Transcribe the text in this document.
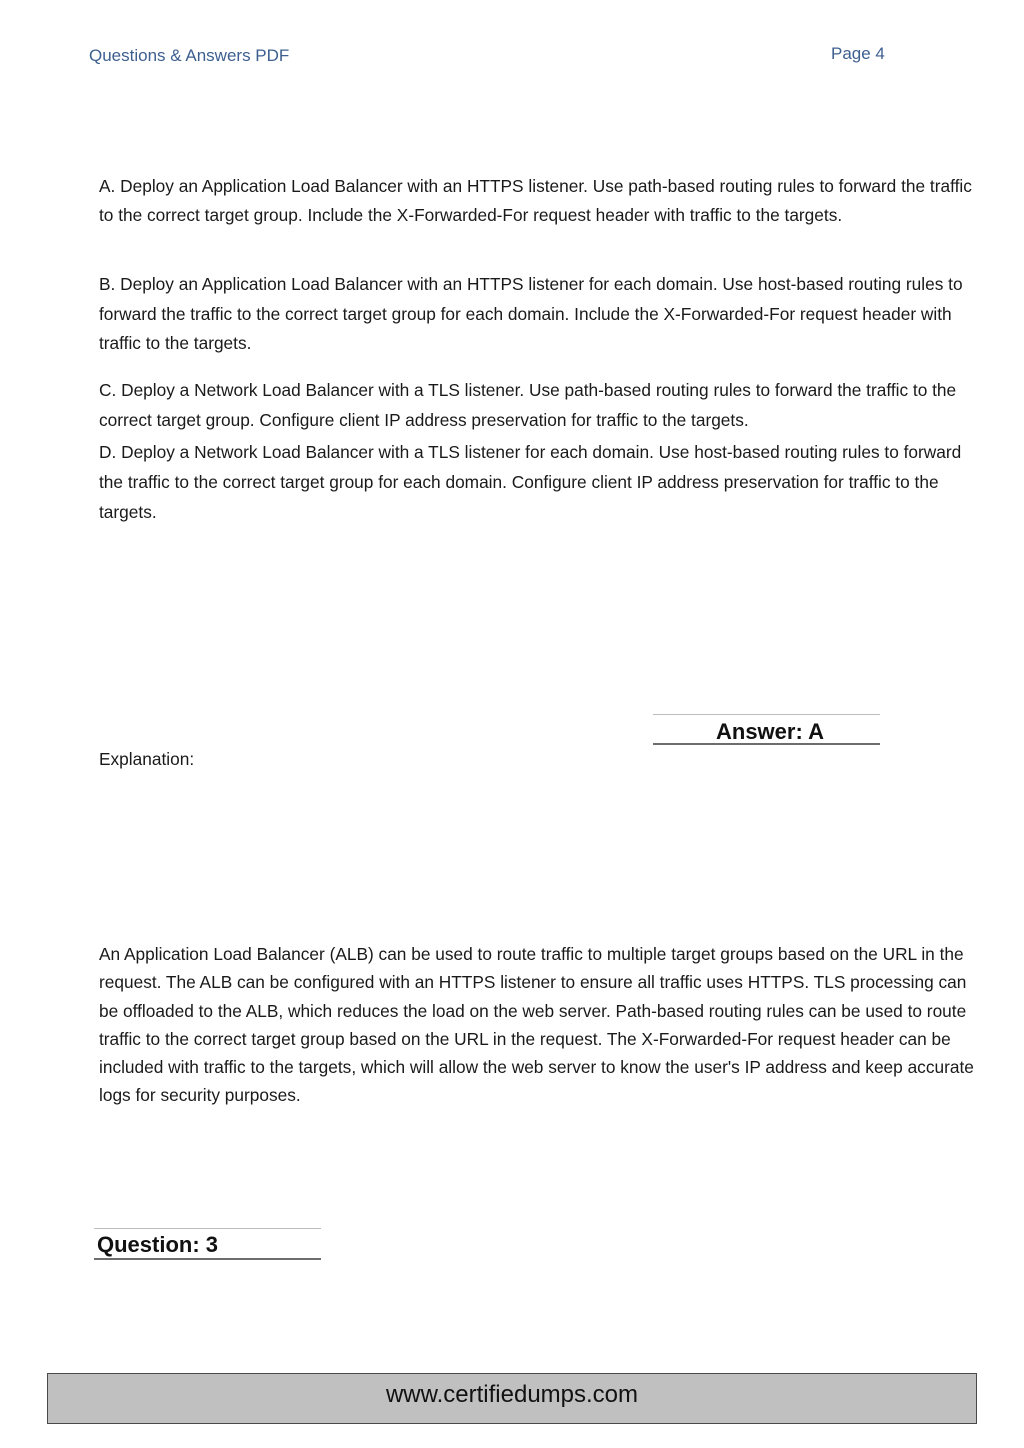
Questions & Answers PDF	Page 4
A. Deploy an Application Load Balancer with an HTTPS listener. Use path-based routing rules to forward the traffic to the correct target group. Include the X-Forwarded-For request header with traffic to the targets.
B. Deploy an Application Load Balancer with an HTTPS listener for each domain. Use host-based routing rules to forward the traffic to the correct target group for each domain. Include the X-Forwarded-For request header with traffic to the targets.
C. Deploy a Network Load Balancer with a TLS listener. Use path-based routing rules to forward the traffic to the correct target group. Configure client IP address preservation for traffic to the targets.
D. Deploy a Network Load Balancer with a TLS listener for each domain. Use host-based routing rules to forward the traffic to the correct target group for each domain. Configure client IP address preservation for traffic to the targets.
Answer: A
Explanation:
An Application Load Balancer (ALB) can be used to route traffic to multiple target groups based on the URL in the request. The ALB can be configured with an HTTPS listener to ensure all traffic uses HTTPS. TLS processing can be offloaded to the ALB, which reduces the load on the web server. Path-based routing rules can be used to route traffic to the correct target group based on the URL in the request. The X-Forwarded-For request header can be included with traffic to the targets, which will allow the web server to know the user's IP address and keep accurate logs for security purposes.
Question: 3
www.certifiedumps.com
